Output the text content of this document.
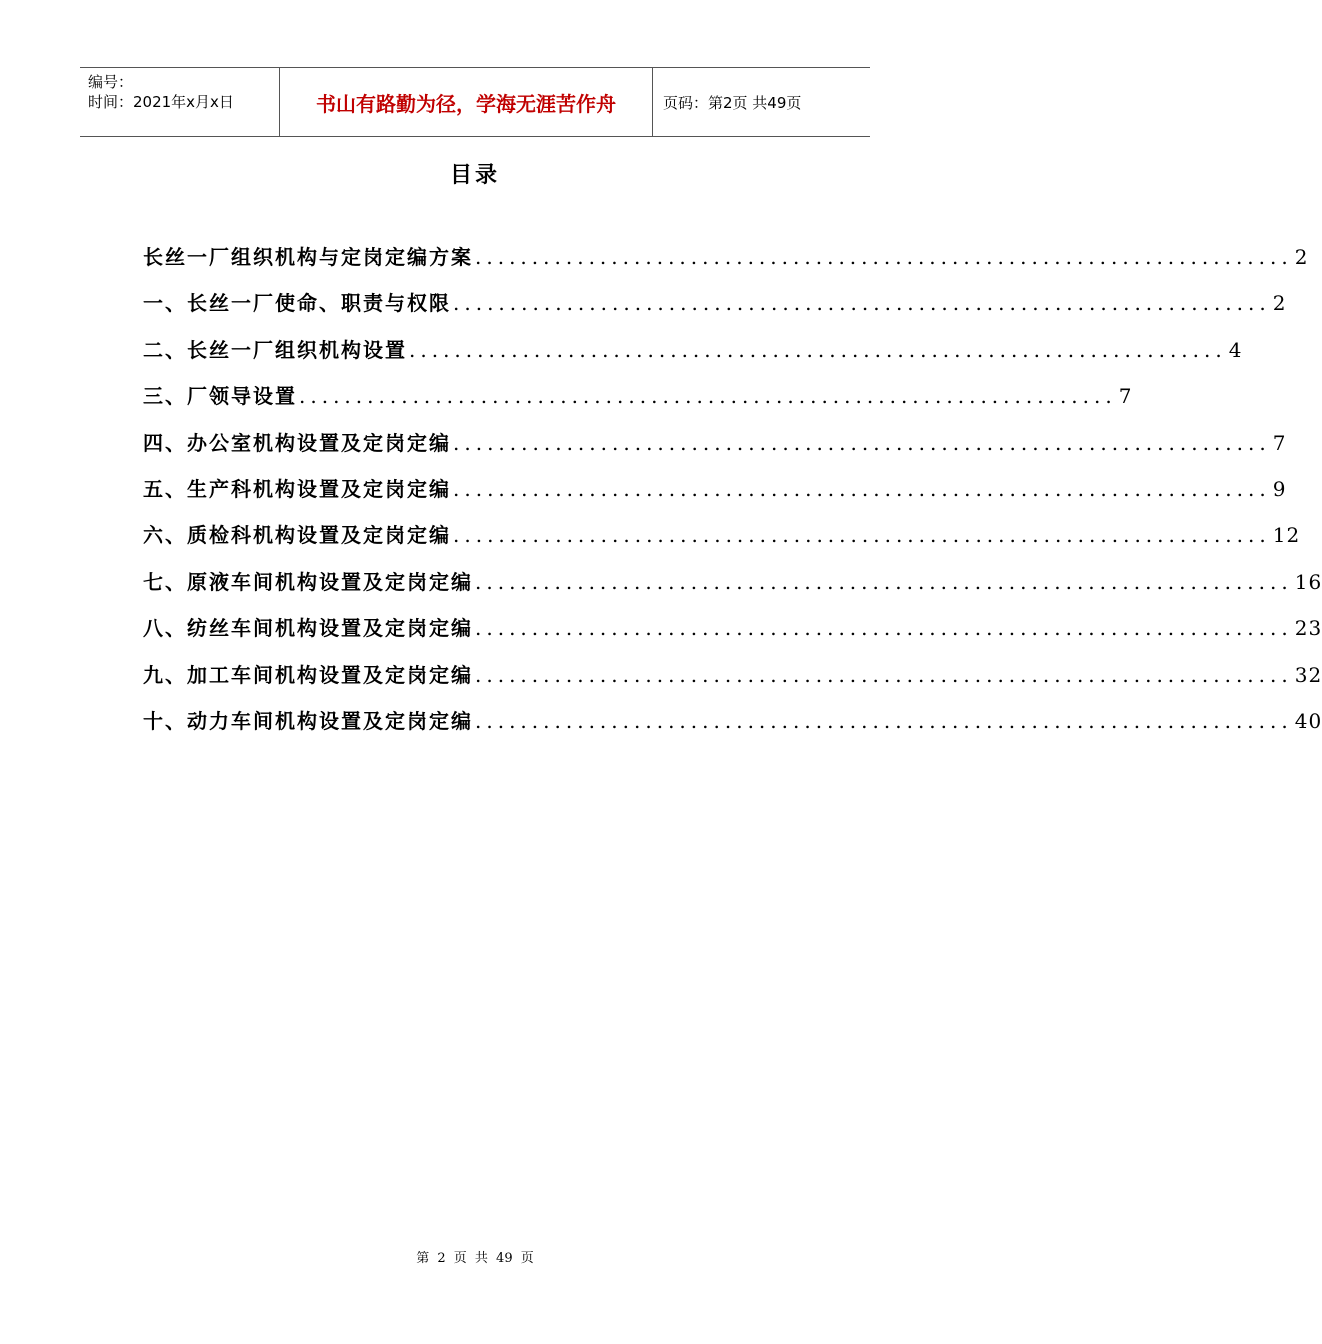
编号：
时间：2021年x月x日	书山有路勤为径，学海无涯苦作舟	页码：第2页 共49页
目录
长丝一厂组织机构与定岗定编方案 ........................................................................ 2
一、长丝一厂使命、职责与权限 ........................................................................ 2
二、长丝一厂组织机构设置 ........................................................................ 4
三、厂领导设置 ........................................................................ 7
四、办公室机构设置及定岗定编 ........................................................................ 7
五、生产科机构设置及定岗定编 ........................................................................ 9
六、质检科机构设置及定岗定编 ........................................................................ 12
七、原液车间机构设置及定岗定编 ........................................................................ 16
八、纺丝车间机构设置及定岗定编 ........................................................................ 23
九、加工车间机构设置及定岗定编 ........................................................................ 32
十、动力车间机构设置及定岗定编 ........................................................................ 40
第 2 页 共 49 页
